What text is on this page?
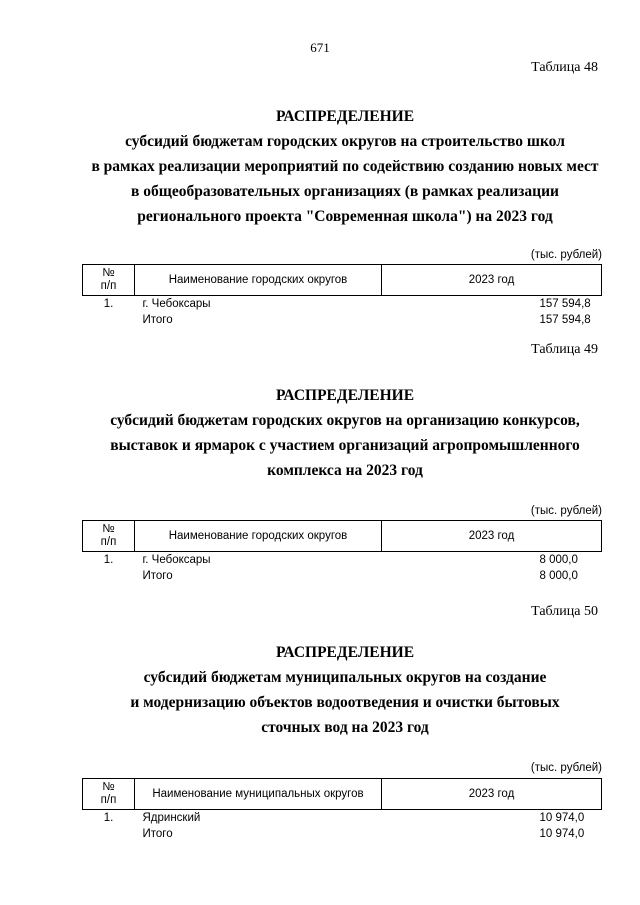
671
Таблица 48
РАСПРЕДЕЛЕНИЕ
субсидий бюджетам городских округов на строительство школ
в рамках реализации мероприятий по содействию созданию новых мест
в общеобразовательных организациях (в рамках реализации
регионального проекта "Современная школа") на 2023 год
(тыс. рублей)
№
п/п	Наименование городских округов	2023 год
1.	г. Чебоксары	157 594,8
	Итого	157 594,8
Таблица 49
РАСПРЕДЕЛЕНИЕ
субсидий бюджетам городских округов на организацию конкурсов,
выставок и ярмарок с участием организаций агропромышленного
комплекса на 2023 год
(тыс. рублей)
№
п/п	Наименование городских округов	2023 год
1.	г. Чебоксары	8 000,0
	Итого	8 000,0
Таблица 50
РАСПРЕДЕЛЕНИЕ
субсидий бюджетам муниципальных округов на создание
и модернизацию объектов водоотведения и очистки бытовых
сточных вод на 2023 год
(тыс. рублей)
№
п/п	Наименование муниципальных округов	2023 год
1.	Ядринский	10 974,0
	Итого	10 974,0
